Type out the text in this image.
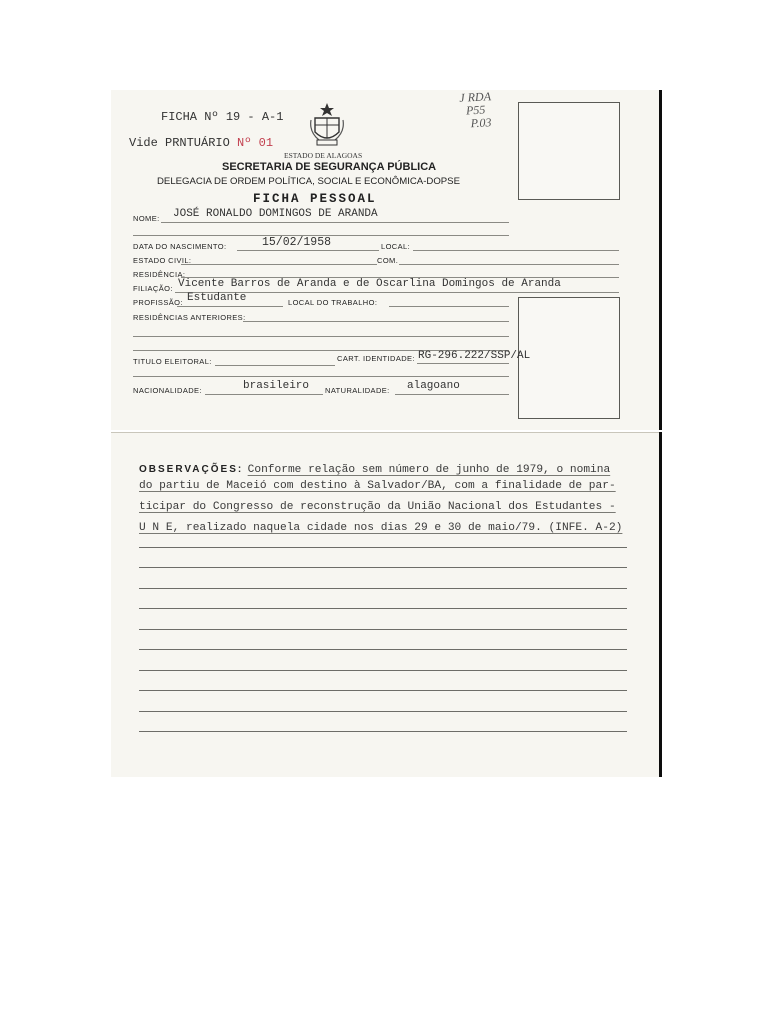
FICHA Nº 19 - A-1
Vide PRNTUÁRIO Nº 01
ESTADO DE ALAGOAS
SECRETARIA DE SEGURANÇA PÚBLICA
DELEGACIA DE ORDEM POLÍTICA, SOCIAL E ECONÔMICA-DOPSE
FICHA PESSOAL
J RDA
P55
P.03
NOME: JOSÉ RONALDO DOMINGOS DE ARANDA
DATA DO NASCIMENTO:	15/02/1958	LOCAL:
ESTADO CIVIL:	COM.
RESIDÊNCIA:
FILIAÇÃO: Vicente Barros de Aranda e de Oscarlina Domingos de Aranda
PROFISSÃO: Estudante	LOCAL DO TRABALHO:
RESIDÊNCIAS ANTERIORES:
TITULO ELEITORAL:	CART. IDENTIDADE: RG-296.222/SSP/AL
NACIONALIDADE:	brasileiro NATURALIDADE: alagoano
OBSERVAÇÕES: Conforme relação sem número de junho de 1979, o nomina
do partiu de Maceió com destino à Salvador/BA, com a finalidade de par-
ticipar do Congresso de reconstrução da União Nacional dos Estudantes -
U N E, realizado naquela cidade nos dias 29 e 30 de maio/79. (INFE. A-2)
